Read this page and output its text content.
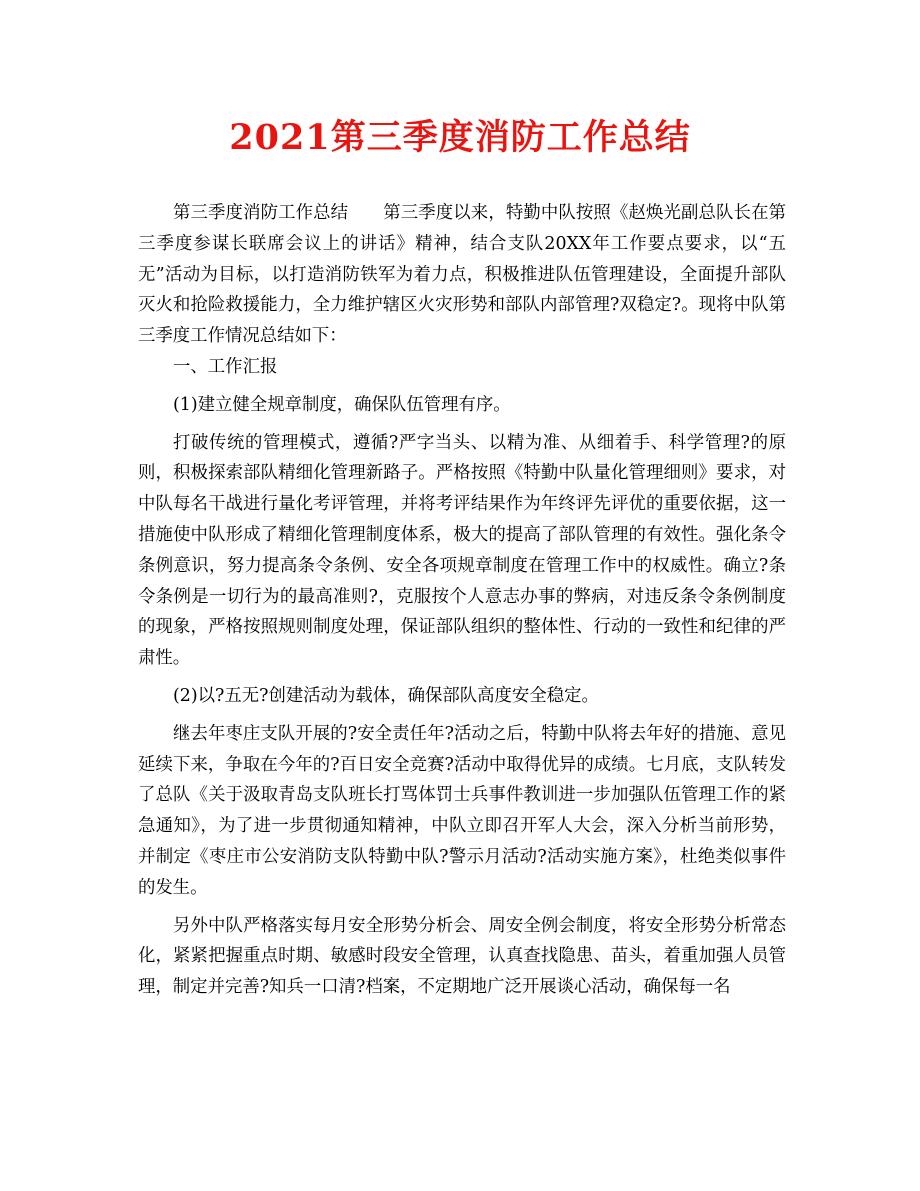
2021第三季度消防工作总结

第三季度消防工作总结　　第三季度以来，特勤中队按照《赵焕光副总队长在第三季度参谋长联席会议上的讲话》精神，结合支队20XX年工作要点要求，以“五无”活动为目标，以打造消防铁军为着力点，积极推进队伍管理建设，全面提升部队灭火和抢险救援能力，全力维护辖区火灾形势和部队内部管理?双稳定?。现将中队第三季度工作情况总结如下：

一、工作汇报

(1)建立健全规章制度，确保队伍管理有序。

打破传统的管理模式，遵循?严字当头、以精为准、从细着手、科学管理?的原则，积极探索部队精细化管理新路子。严格按照《特勤中队量化管理细则》要求，对中队每名干战进行量化考评管理，并将考评结果作为年终评先评优的重要依据，这一措施使中队形成了精细化管理制度体系，极大的提高了部队管理的有效性。强化条令条例意识，努力提高条令条例、安全各项规章制度在管理工作中的权威性。确立?条令条例是一切行为的最高准则?，克服按个人意志办事的弊病，对违反条令条例制度的现象，严格按照规则制度处理，保证部队组织的整体性、行动的一致性和纪律的严肃性。

(2)以?五无?创建活动为载体，确保部队高度安全稳定。

继去年枣庄支队开展的?安全责任年?活动之后，特勤中队将去年好的措施、意见延续下来，争取在今年的?百日安全竞赛?活动中取得优异的成绩。七月底，支队转发了总队《关于汲取青岛支队班长打骂体罚士兵事件教训进一步加强队伍管理工作的紧急通知》，为了进一步贯彻通知精神，中队立即召开军人大会，深入分析当前形势，并制定《枣庄市公安消防支队特勤中队?警示月活动?活动实施方案》，杜绝类似事件的发生。

另外中队严格落实每月安全形势分析会、周安全例会制度，将安全形势分析常态化，紧紧把握重点时期、敏感时段安全管理，认真查找隐患、苗头，着重加强人员管理，制定并完善?知兵一口清?档案，不定期地广泛开展谈心活动，确保每一名
